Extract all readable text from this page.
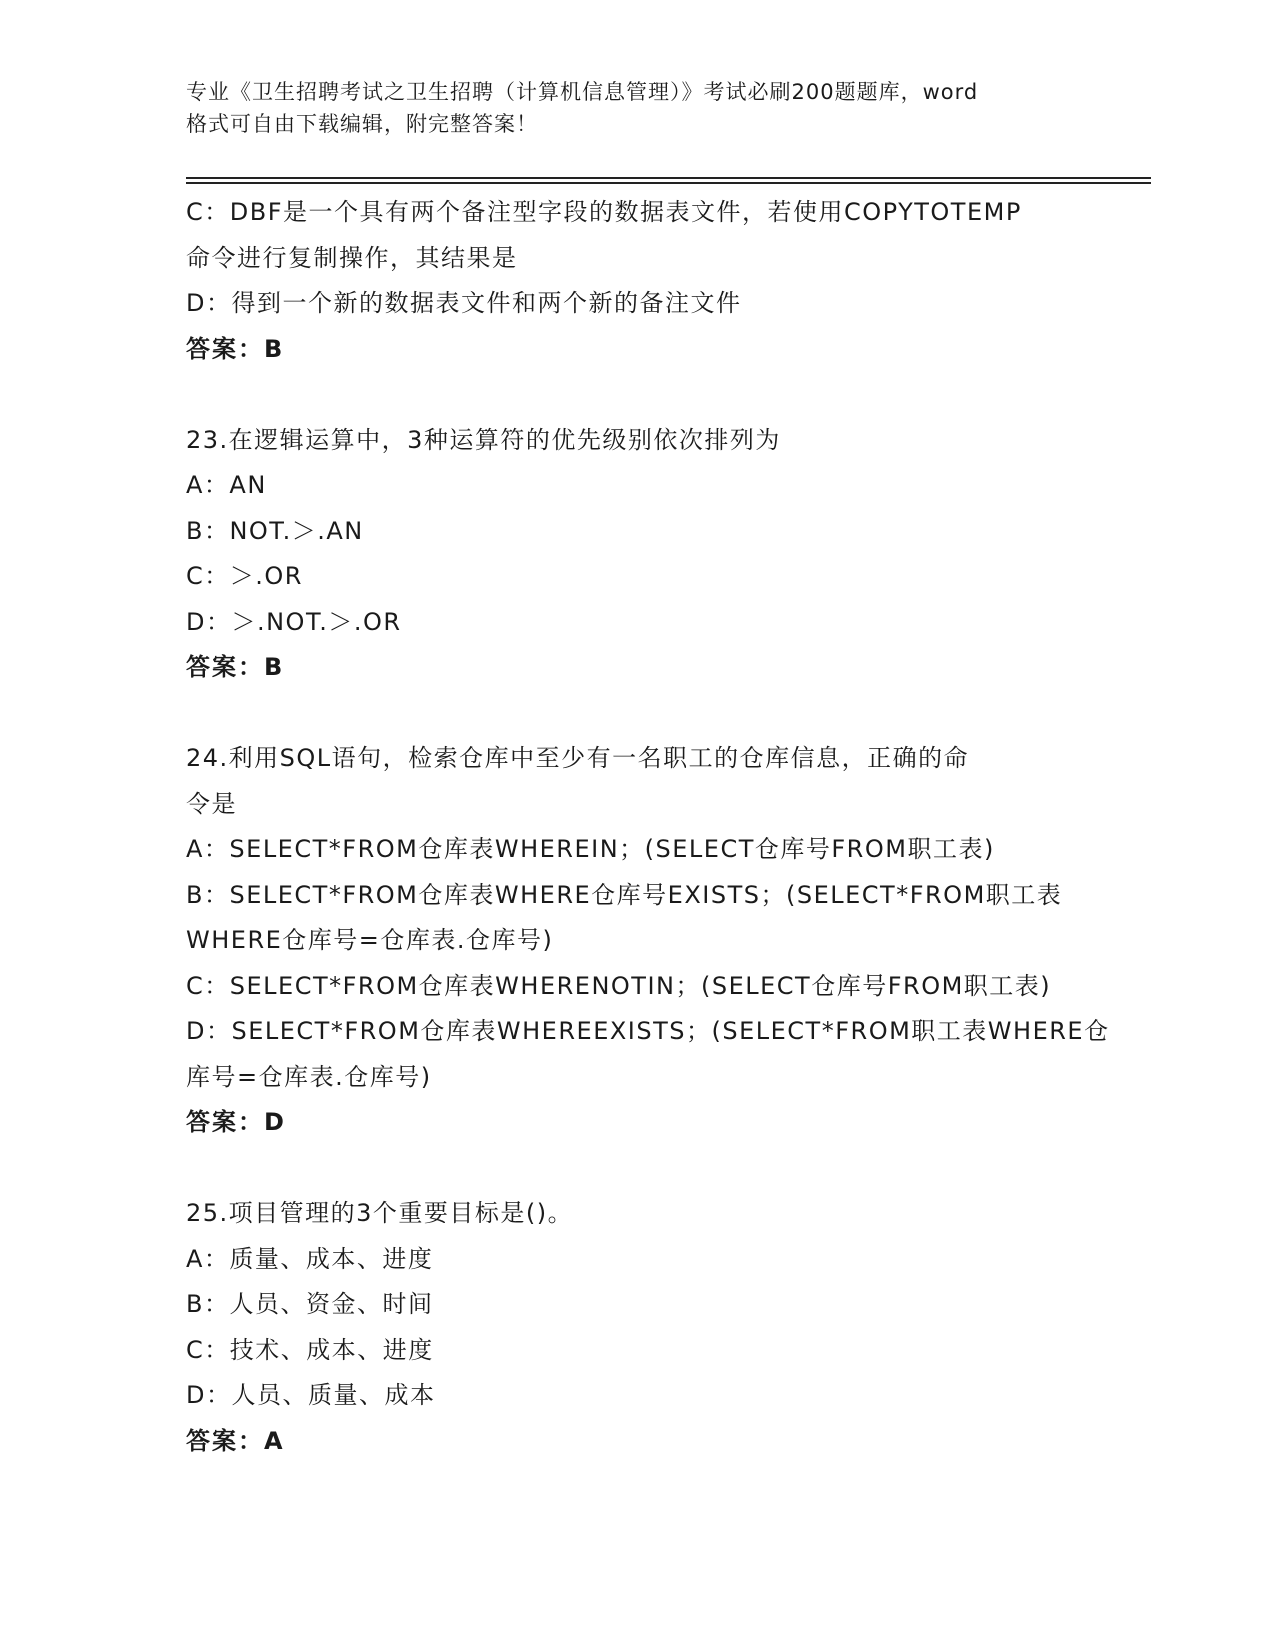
专业《卫生招聘考试之卫生招聘（计算机信息管理）》考试必刷200题题库，word
格式可自由下载编辑，附完整答案！
C：DBF是一个具有两个备注型字段的数据表文件，若使用COPYTOTEMP
命令进行复制操作，其结果是
D：得到一个新的数据表文件和两个新的备注文件
答案：B
23.在逻辑运算中，3种运算符的优先级别依次排列为
A：AN
B：NOT.＞.AN
C：＞.OR
D：＞.NOT.＞.OR
答案：B
24.利用SQL语句，检索仓库中至少有一名职工的仓库信息，正确的命
令是
A：SELECT*FROM仓库表WHEREIN；(SELECT仓库号FROM职工表)
B：SELECT*FROM仓库表WHERE仓库号EXISTS；(SELECT*FROM职工表
WHERE仓库号=仓库表.仓库号)
C：SELECT*FROM仓库表WHERENOTIN；(SELECT仓库号FROM职工表)
D：SELECT*FROM仓库表WHEREEXISTS；(SELECT*FROM职工表WHERE仓
库号=仓库表.仓库号)
答案：D
25.项目管理的3个重要目标是()。
A：质量、成本、进度
B：人员、资金、时间
C：技术、成本、进度
D：人员、质量、成本
答案：A
